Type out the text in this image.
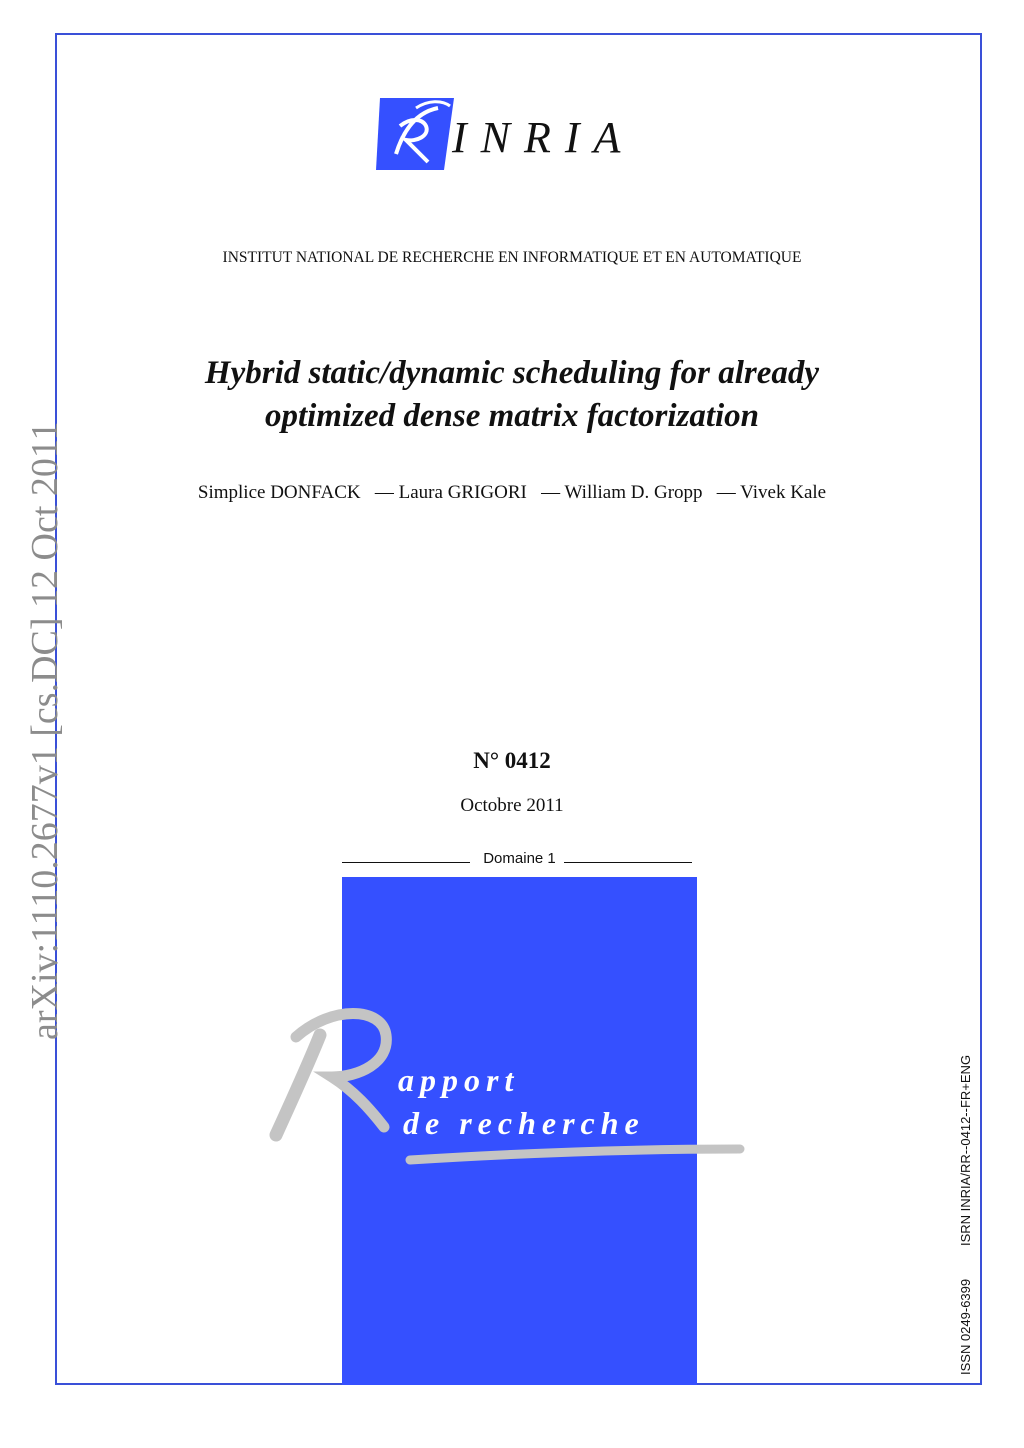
INRIA
INSTITUT NATIONAL DE RECHERCHE EN INFORMATIQUE ET EN AUTOMATIQUE
Hybrid static/dynamic scheduling for already
optimized dense matrix factorization
Simplice DONFACK   — Laura GRIGORI   — William D. Gropp   — Vivek Kale
arXiv:1110.2677v1 [cs.DC] 12 Oct 2011	N° 0412
Octobre 2011
Domaine 1
apport
de recherche
ISSN 0249-6399
ISRN INRIA/RR--0412--FR+ENG
